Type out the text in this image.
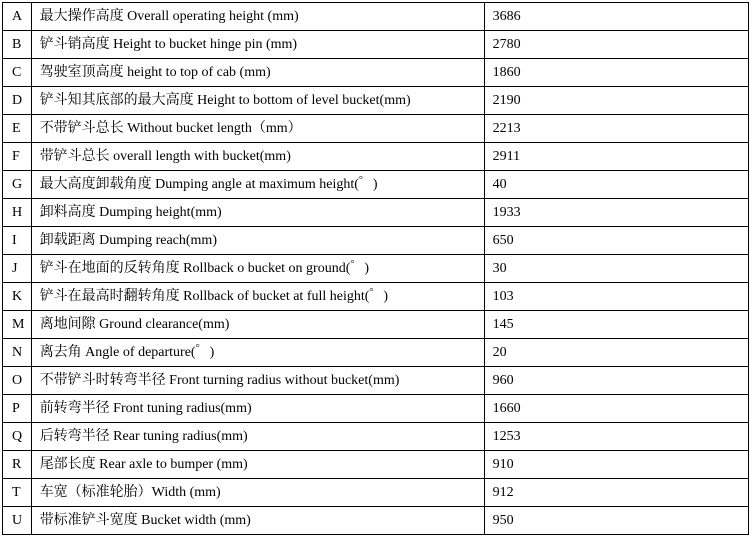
A	最大操作高度 Overall operating height (mm)	3686
B	铲斗销高度 Height to bucket hinge pin (mm)	2780
C	驾驶室顶高度 height to top of cab (mm)	1860
D	铲斗知其底部的最大高度 Height to bottom of level bucket(mm)	2190
E	不带铲斗总长 Without bucket length（mm）	2213
F	带铲斗总长 overall length with bucket(mm)	2911
G	最大高度卸载角度 Dumping angle at maximum height(゜)	40
H	卸料高度 Dumping height(mm)	1933
I	卸载距离 Dumping reach(mm)	650
J	铲斗在地面的反转角度 Rollback o bucket on ground(゜)	30
K	铲斗在最高时翻转角度 Rollback of bucket at full height(゜)	103
M	离地间隙 Ground clearance(mm)	145
N	离去角 Angle of departure(゜)	20
O	不带铲斗时转弯半径 Front turning radius without bucket(mm)	960
P	前转弯半径 Front tuning radius(mm)	1660
Q	后转弯半径 Rear tuning radius(mm)	1253
R	尾部长度 Rear axle to bumper (mm)	910
T	车宽（标准轮胎）Width (mm)	912
U	带标准铲斗宽度 Bucket width (mm)	950
